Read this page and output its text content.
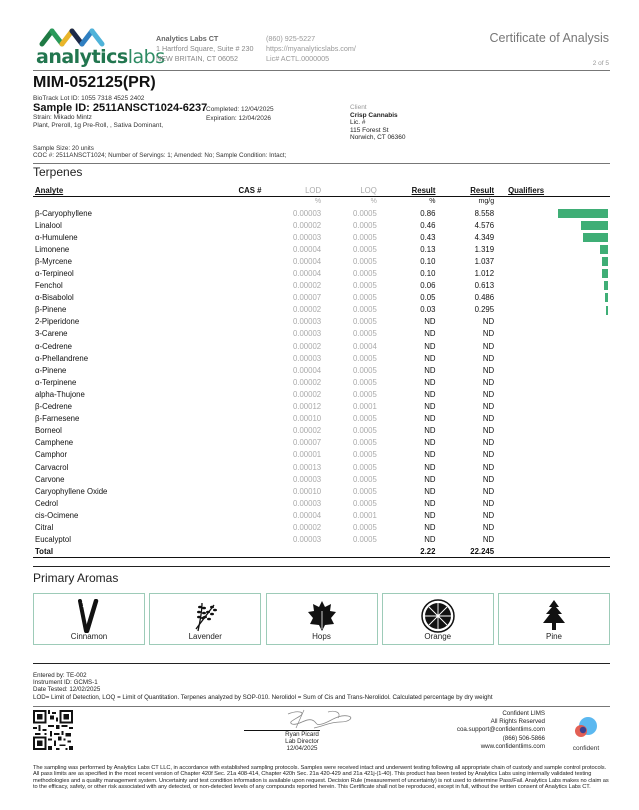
analyticslabs
Analytics Labs CT
1 Hartford Square, Suite # 230
NEW BRITAIN, CT 06052
(860) 925-5227
https://myanalyticslabs.com/
Lic# ACTL.0000005
Certificate of Analysis
2 of 5
MIM-052125(PR)
BioTrack Lot ID: 1055 7318 4525 2402
Sample ID: 2511ANSCT1024-6237
Strain: Mikado Mintz
Plant, Preroll, 1g Pre-Roll, , Sativa Dominant,
Completed: 12/04/2025
Expiration: 12/04/2026
Client
Crisp Cannabis
Lic. #
115 Forest St
Norwich, CT 06360
Sample Size: 20 units
COC #: 2511ANSCT1024; Number of Servings: 1; Amended: No; Sample Condition: Intact;
Terpenes
Analyte	CAS #	LOD	LOQ	Result	Result	Qualifiers	
		%	%	%	mg/g		
β-Caryophyllene		0.00003	0.0005	0.86	8.558		
Linalool		0.00002	0.0005	0.46	4.576		
α-Humulene		0.00003	0.0005	0.43	4.349		
Limonene		0.00004	0.0005	0.13	1.319		
β-Myrcene		0.00004	0.0005	0.10	1.037		
α-Terpineol		0.00004	0.0005	0.10	1.012		
Fenchol		0.00002	0.0005	0.06	0.613		
α-Bisabolol		0.00007	0.0005	0.05	0.486		
β-Pinene		0.00002	0.0005	0.03	0.295		
2-Piperidone		0.00003	0.0005	ND	ND		
3-Carene		0.00003	0.0005	ND	ND		
α-Cedrene		0.00002	0.0004	ND	ND		
α-Phellandrene		0.00003	0.0005	ND	ND		
α-Pinene		0.00004	0.0005	ND	ND		
α-Terpinene		0.00002	0.0005	ND	ND		
alpha-Thujone		0.00002	0.0005	ND	ND		
β-Cedrene		0.00012	0.0001	ND	ND		
β-Farnesene		0.00010	0.0005	ND	ND		
Borneol		0.00002	0.0005	ND	ND		
Camphene		0.00007	0.0005	ND	ND		
Camphor		0.00001	0.0005	ND	ND		
Carvacrol		0.00013	0.0005	ND	ND		
Carvone		0.00003	0.0005	ND	ND		
Caryophyllene Oxide		0.00010	0.0005	ND	ND		
Cedrol		0.00003	0.0005	ND	ND		
cis-Ocimene		0.00004	0.0001	ND	ND		
Citral		0.00002	0.0005	ND	ND		
Eucalyptol		0.00003	0.0005	ND	ND		
Total				2.22	22.245		
Primary Aromas
Cinnamon	Lavender	Hops	Orange	Pine
Entered by: TE-002
Instrument ID: GCMS-1
Date Tested: 12/02/2025
LOD= Limit of Detection, LOQ = Limit of Quantitation. Terpenes analyzed by SOP-010. Nerolidol = Sum of Cis and Trans-Nerolidol. Calculated percentage by dry weight
Ryan Picard
Lab Director
12/04/2025
Confident LIMS
All Rights Reserved
coa.support@confidentlims.com
(866) 506-5866
www.confidentlims.com	confident
The sampling was performed by Analytics Labs CT LLC, in accordance with established sampling protocols. Samples were received intact and underwent testing following all appropriate chain of custody and sample control protocols. All pass limits are as specified in the most recent version of Chapter 420f Sec. 21a 408-414, Chapter 420h Sec. 21a 420-429 and 21a 421j-(1-40). This product has been tested by Analytics Labs using internally validated testing methodologies and a quality management system. Uncertainty and test condition information is available upon request. Decision Rule (measurement of uncertainty) is not used to determine Pass/Fail. Analytics Labs makes no claim as to the efficacy, safety, or other risk associated with any detected, or non-detected levels of any compounds reported herein. This Certificate shall not be reproduced, except in full, without the written consent of Analytics Labs CT.
